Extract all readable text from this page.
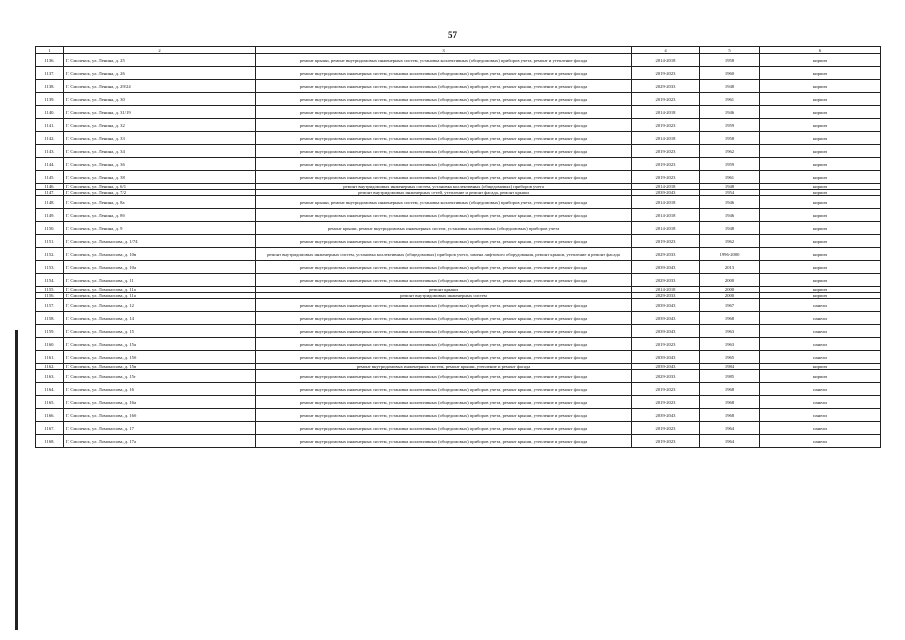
57
1	2	3	4	5	6
1136.	Г. Смоленск, ул. Ленина, д. 25	ремонт крыши, ремонт внутридомовых инженерных систем, установка коллективных (общедомовых) приборов учета, ремонт и утепление фасада	2014-2018	1958	кирпич
1137.	Г. Смоленск, ул. Ленина, д. 26	ремонт внутридомовых инженерных систем, установка коллективных (общедомовых) приборов учета, ремонт крыши, утепление и ремонт фасада	2019-2023	1960	кирпич
1138.	Г. Смоленск, ул. Ленина, д. 29/24	ремонт внутридомовых инженерных систем, установка коллективных (общедомовых) приборов учета, ремонт крыши, утепление и ремонт фасада	2029-2033	1948	кирпич
1139.	Г. Смоленск, ул. Ленина, д. 30	ремонт внутридомовых инженерных систем, установка коллективных (общедомовых) приборов учета, ремонт крыши, утепление и ремонт фасада	2019-2023	1961	кирпич
1140.	Г. Смоленск, ул. Ленина, д. 31/19	ремонт внутридомовых инженерных систем, установка коллективных (общедомовых) приборов учета, ремонт крыши, утепление и ремонт фасада	2014-2018	1946	кирпич
1141.	Г. Смоленск, ул. Ленина, д. 32	ремонт внутридомовых инженерных систем, установка коллективных (общедомовых) приборов учета, ремонт крыши, утепление и ремонт фасада	2019-2023	1959	кирпич
1142.	Г. Смоленск, ул. Ленина, д. 33	ремонт внутридомовых инженерных систем, установка коллективных (общедомовых) приборов учета, ремонт крыши, утепление и ремонт фасада	2014-2018	1958	кирпич
1143.	Г. Смоленск, ул. Ленина, д. 34	ремонт внутридомовых инженерных систем, установка коллективных (общедомовых) приборов учета, ремонт крыши, утепление и ремонт фасада	2019-2023	1962	кирпич
1144.	Г. Смоленск, ул. Ленина, д. 36	ремонт внутридомовых инженерных систем, установка коллективных (общедомовых) приборов учета, ремонт крыши, утепление и ремонт фасада	2019-2023	1959	кирпич
1145.	Г. Смоленск, ул. Ленина, д. 38	ремонт внутридомовых инженерных систем, установка коллективных (общедомовых) приборов учета, ремонт крыши, утепление и ремонт фасада	2019-2023	1961	кирпич
1146.	Г. Смоленск, ул. Ленина, д. 6/1	ремонт внутридомовых инженерных систем, установка коллективных (общедомовых) приборов учета	2014-2018	1948	кирпич
1147.	Г. Смоленск, ул. Ленина, д. 7/2	ремонт внутридомовых инженерных сетей, утепление и ремонт фасада, ремонт крыши	2039-2043	1954	кирпич
1148.	Г. Смоленск, ул. Ленина, д. 8а	ремонт крыши, ремонт внутридомовых инженерных систем, установка коллективных (общедомовых) приборов учета, утепление и ремонт фасада	2014-2018	1946	кирпич
1149.	Г. Смоленск, ул. Ленина, д. 8б	ремонт внутридомовых инженерных систем, установка коллективных (общедомовых) приборов учета, ремонт крыши, утепление и ремонт фасада	2014-2018	1946	кирпич
1150.	Г. Смоленск, ул. Ленина, д. 9	ремонт крыши, ремонт внутридомовых инженерных систем, установка коллективных (общедомовых) приборов учета	2014-2018	1948	кирпич
1151.	Г. Смоленск, ул. Ломоносова, д. 1/74	ремонт внутридомовых инженерных систем, установка коллективных (общедомовых) приборов учета, ремонт крыши, утепление и ремонт фасада	2019-2023	1962	кирпич
1152.	Г. Смоленск, ул. Ломоносова, д. 10в	ремонт внутридомовых инженерных систем, установка коллективных (общедомовых) приборов учета, замена лифтового оборудования, ремонт крыши, утепление и ремонт фасада	2029-2033	1996-2000	кирпич
1153.	Г. Смоленск, ул. Ломоносова, д. 10а	ремонт внутридомовых инженерных систем, установка коллективных (общедомовых) приборов учета, ремонт крыши, утепление и ремонт фасада	2039-2043	2013	кирпич
1154.	Г. Смоленск, ул. Ломоносова, д. 11	ремонт внутридомовых инженерных систем, установка коллективных (общедомовых) приборов учета, ремонт крыши, утепление и ремонт фасада	2029-2033	2000	кирпич
1155.	Г. Смоленск, ул. Ломоносова, д. 11а	ремонт крыши	2014-2018	2000	кирпич
1156.	Г. Смоленск, ул. Ломоносова, д. 11а	ремонт внутридомовых инженерных систем	2029-2033	2000	кирпич
1157.	Г. Смоленск, ул. Ломоносова, д. 12	ремонт внутридомовых инженерных систем, установка коллективных (общедомовых) приборов учета, ремонт крыши, утепление и ремонт фасада	2039-2043	1967	панели
1158.	Г. Смоленск, ул. Ломоносова, д. 14	ремонт внутридомовых инженерных систем, установка коллективных (общедомовых) приборов учета, ремонт крыши, утепление и ремонт фасада	2039-2043	1968	панели
1159.	Г. Смоленск, ул. Ломоносова, д. 15	ремонт внутридомовых инженерных систем, установка коллективных (общедомовых) приборов учета, ремонт крыши, утепление и ремонт фасада	2039-2043	1963	панели
1160.	Г. Смоленск, ул. Ломоносова, д. 15а	ремонт внутридомовых инженерных систем, установка коллективных (общедомовых) приборов учета, ремонт крыши, утепление и ремонт фасада	2019-2023	1963	панели
1161.	Г. Смоленск, ул. Ломоносова, д. 15б	ремонт внутридомовых инженерных систем, установка коллективных (общедомовых) приборов учета, ремонт крыши, утепление и ремонт фасада	2039-2043	1965	панели
1162.	Г. Смоленск, ул. Ломоносова, д. 15в	ремонт внутридомовых инженерных систем, ремонт крыши, утепление и ремонт фасада	2039-2043	1984	кирпич
1163.	Г. Смоленск, ул. Ломоносова, д. 15г	ремонт внутридомовых инженерных систем, установка коллективных (общедомовых) приборов учета, ремонт крыши, утепление и ремонт фасада	2029-2033	1985	кирпич
1164.	Г. Смоленск, ул. Ломоносова, д. 16	ремонт внутридомовых инженерных систем, установка коллективных (общедомовых) приборов учета, ремонт крыши, утепление и ремонт фасада	2019-2023	1968	панели
1165.	Г. Смоленск, ул. Ломоносова, д. 16а	ремонт внутридомовых инженерных систем, установка коллективных (общедомовых) приборов учета, ремонт крыши, утепление и ремонт фасада	2019-2023	1968	панели
1166.	Г. Смоленск, ул. Ломоносова, д. 16б	ремонт внутридомовых инженерных систем, установка коллективных (общедомовых) приборов учета, ремонт крыши, утепление и ремонт фасада	2039-2043	1968	панели
1167.	Г. Смоленск, ул. Ломоносова, д. 17	ремонт внутридомовых инженерных систем, установка коллективных (общедомовых) приборов учета, ремонт крыши, утепление и ремонт фасада	2019-2023	1964	панели
1168.	Г. Смоленск, ул. Ломоносова, д. 17а	ремонт внутридомовых инженерных систем, установка коллективных (общедомовых) приборов учета, ремонт крыши, утепление и ремонт фасада	2019-2023	1964	панели
